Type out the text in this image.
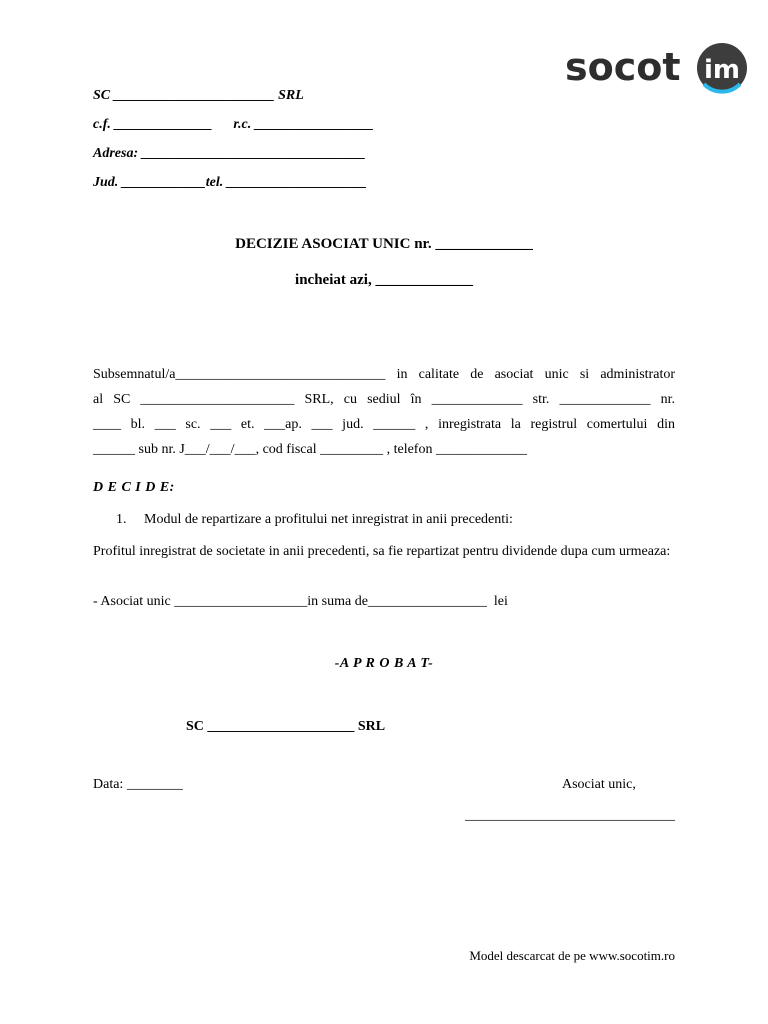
socot im

SC _______________________ SRL

c.f. ______________      r.c. _________________

Adresa: ________________________________

Jud. ____________tel. ____________________

DECIZIE ASOCIAT UNIC nr. _____________

incheiat azi, _____________

Subsemnatul/a______________________________ in calitate de asociat unic si administrator
al SC ______________________ SRL, cu sediul în _____________ str. _____________ nr.
____ bl. ___ sc. ___ et. ___ap. ___ jud. ______ , inregistrata la registrul comertului din

______ sub nr. J___/___/___, cod fiscal _________ , telefon _____________

D E C I D E:

1. Modul de repartizare a profitului net inregistrat in anii precedenti:

Profitul inregistrat de societate in anii precedenti, sa fie repartizat pentru dividende dupa cum urmeaza:

- Asociat unic ___________________in suma de_________________  lei

-A P R O B A T-

SC _____________________ SRL

Data: ________	Asociat unic,

______________________________

Model descarcat de pe www.socotim.ro
